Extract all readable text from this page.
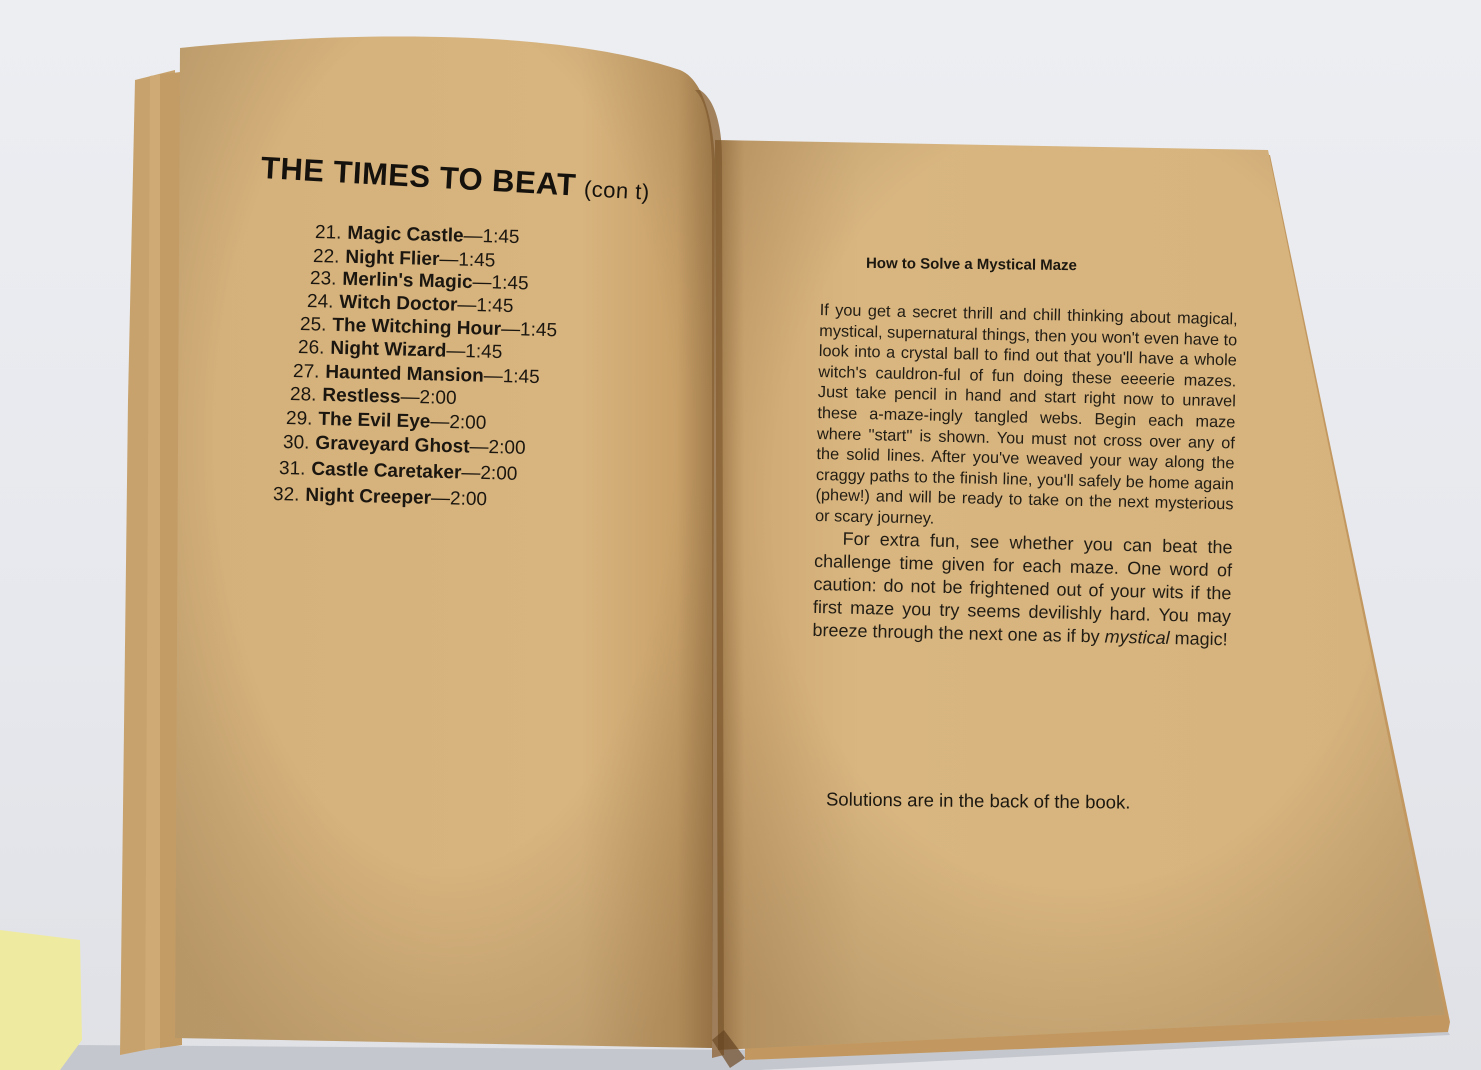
THE TIMES TO BEAT (con t)
21. Magic Castle—1:45
22. Night Flier—1:45
23. Merlin's Magic—1:45
24. Witch Doctor—1:45
25. The Witching Hour—1:45
26. Night Wizard—1:45
27. Haunted Mansion—1:45
28. Restless—2:00
29. The Evil Eye—2:00
30. Graveyard Ghost—2:00
31. Castle Caretaker—2:00
32. Night Creeper—2:00
How to Solve a Mystical Maze

If you get a secret thrill and chill thinking about magical, mystical, supernatural things, then you won't even have to look into a crystal ball to find out that you'll have a whole witch's cauldron-ful of fun doing these eeeerie mazes. Just take pencil in hand and start right now to unravel these a-maze-ingly tangled webs. Begin each maze where ''start'' is shown. You must not cross over any of the solid lines. After you've weaved your way along the craggy paths to the finish line, you'll safely be home again (phew!) and will be ready to take on the next mysterious or scary journey.

For extra fun, see whether you can beat the challenge time given for each maze. One word of caution: do not be frightened out of your wits if the first maze you try seems devilishly hard. You may breeze through the next one as if by mystical magic!

Solutions are in the back of the book.
